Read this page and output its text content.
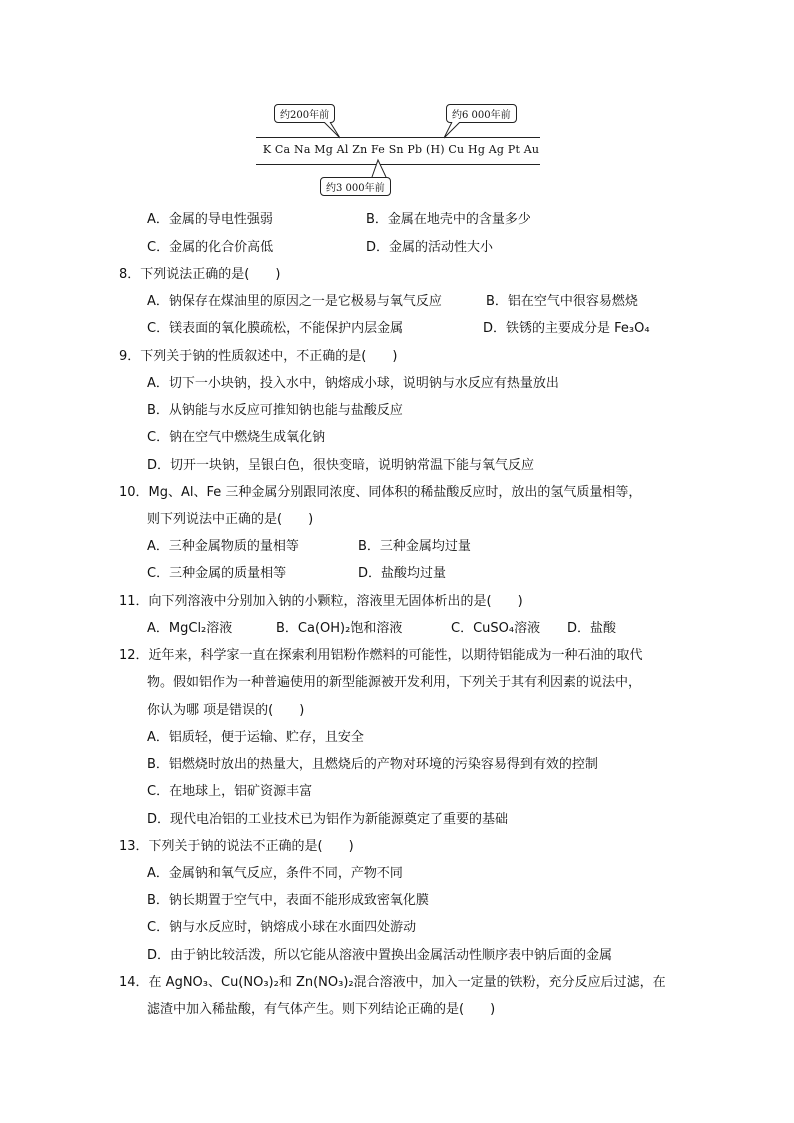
约200年前	约6 000年前
K Ca Na Mg Al Zn Fe Sn Pb (H) Cu Hg Ag Pt Au
约3 000年前
A．金属的导电性强弱	B．金属在地壳中的含量多少
C．金属的化合价高低	D．金属的活动性大小
8．下列说法正确的是(　　)
A．钠保存在煤油里的原因之一是它极易与氧气反应	B．铝在空气中很容易燃烧
C．镁表面的氧化膜疏松，不能保护内层金属	D．铁锈的主要成分是 Fe₃O₄
9．下列关于钠的性质叙述中，不正确的是(　　)
A．切下一小块钠，投入水中，钠熔成小球，说明钠与水反应有热量放出
B．从钠能与水反应可推知钠也能与盐酸反应
C．钠在空气中燃烧生成氧化钠
D．切开一块钠，呈银白色，很快变暗，说明钠常温下能与氧气反应
10．Mg、Al、Fe 三种金属分别跟同浓度、同体积的稀盐酸反应时，放出的氢气质量相等，
则下列说法中正确的是(　　)
A．三种金属物质的量相等	B．三种金属均过量
C．三种金属的质量相等	D．盐酸均过量
11．向下列溶液中分别加入钠的小颗粒，溶液里无固体析出的是(　　)
A．MgCl₂溶液	B．Ca(OH)₂饱和溶液	C．CuSO₄溶液 D．盐酸
12．近年来，科学家一直在探索利用铝粉作燃料的可能性，以期待铝能成为一种石油的取代
物。假如铝作为一种普遍使用的新型能源被开发利用，下列关于其有利因素的说法中，
你认为哪 项是错误的(　　)
A．铝质轻，便于运输、贮存，且安全
B．铝燃烧时放出的热量大，且燃烧后的产物对环境的污染容易得到有效的控制
C．在地球上，铝矿资源丰富
D．现代电冶铝的工业技术已为铝作为新能源奠定了重要的基础
13．下列关于钠的说法不正确的是(　　)
A．金属钠和氧气反应，条件不同，产物不同
B．钠长期置于空气中，表面不能形成致密氧化膜
C．钠与水反应时，钠熔成小球在水面四处游动
D．由于钠比较活泼，所以它能从溶液中置换出金属活动性顺序表中钠后面的金属
14．在 AgNO₃、Cu(NO₃)₂和 Zn(NO₃)₂混合溶液中，加入一定量的铁粉，充分反应后过滤，在
滤渣中加入稀盐酸，有气体产生。则下列结论正确的是(　　)
